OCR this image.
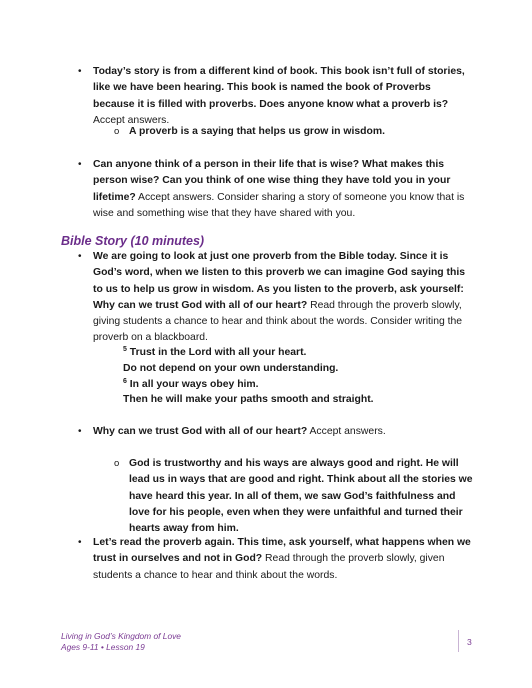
• Today’s story is from a different kind of book. This book isn’t full of stories, like we have been hearing. This book is named the book of Proverbs because it is filled with proverbs. Does anyone know what a proverb is? Accept answers.
o A proverb is a saying that helps us grow in wisdom.
• Can anyone think of a person in their life that is wise? What makes this person wise? Can you think of one wise thing they have told you in your lifetime? Accept answers. Consider sharing a story of someone you know that is wise and something wise that they have shared with you.
Bible Story (10 minutes)
• We are going to look at just one proverb from the Bible today. Since it is God’s word, when we listen to this proverb we can imagine God saying this to us to help us grow in wisdom. As you listen to the proverb, ask yourself: Why can we trust God with all of our heart? Read through the proverb slowly, giving students a chance to hear and think about the words. Consider writing the proverb on a blackboard.
$^5$ Trust in the Lord with all your heart.
Do not depend on your own understanding.
$^6$ In all your ways obey him.
Then he will make your paths smooth and straight.
• Why can we trust God with all of our heart? Accept answers.
o God is trustworthy and his ways are always good and right. He will lead us in ways that are good and right. Think about all the stories we have heard this year. In all of them, we saw God’s faithfulness and love for his people, even when they were unfaithful and turned their hearts away from him.
• Let’s read the proverb again. This time, ask yourself, what happens when we trust in ourselves and not in God? Read through the proverb slowly, given students a chance to hear and think about the words.
Living in God’s Kingdom of Love
Ages 9-11 • Lesson 19	3
